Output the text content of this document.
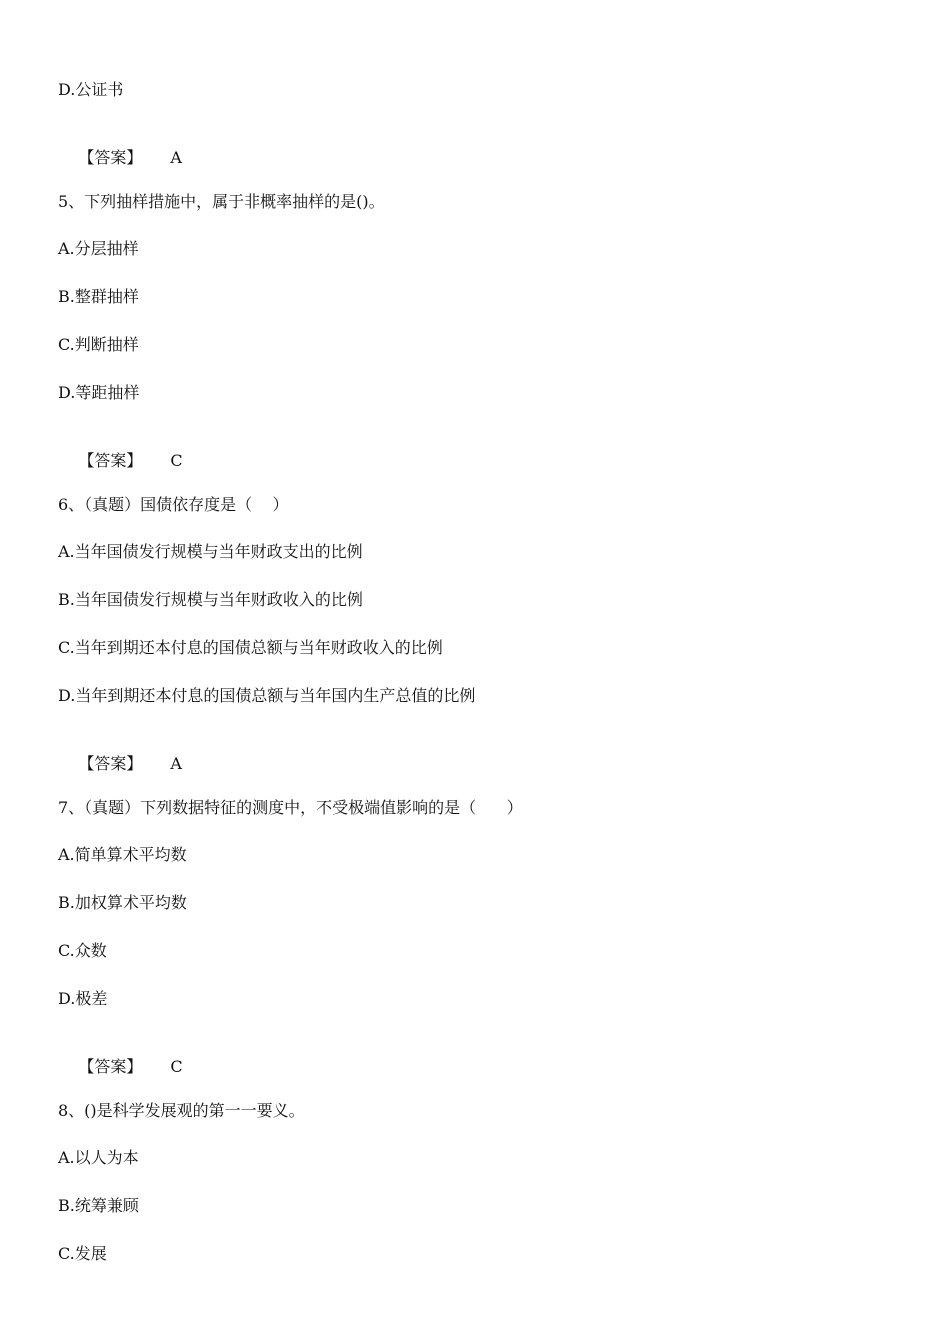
D.公证书

【答案】 A

5、下列抽样措施中，属于非概率抽样的是()。
A.分层抽样
B.整群抽样
C.判断抽样
D.等距抽样

【答案】 C

6、（真题）国债依存度是（    ）
A.当年国债发行规模与当年财政支出的比例
B.当年国债发行规模与当年财政收入的比例
C.当年到期还本付息的国债总额与当年财政收入的比例
D.当年到期还本付息的国债总额与当年国内生产总值的比例

【答案】 A

7、（真题）下列数据特征的测度中，不受极端值影响的是（      ）
A.简单算术平均数
B.加权算术平均数
C.众数
D.极差

【答案】 C

8、()是科学发展观的第一一要义。
A.以人为本
B.统筹兼顾
C.发展
